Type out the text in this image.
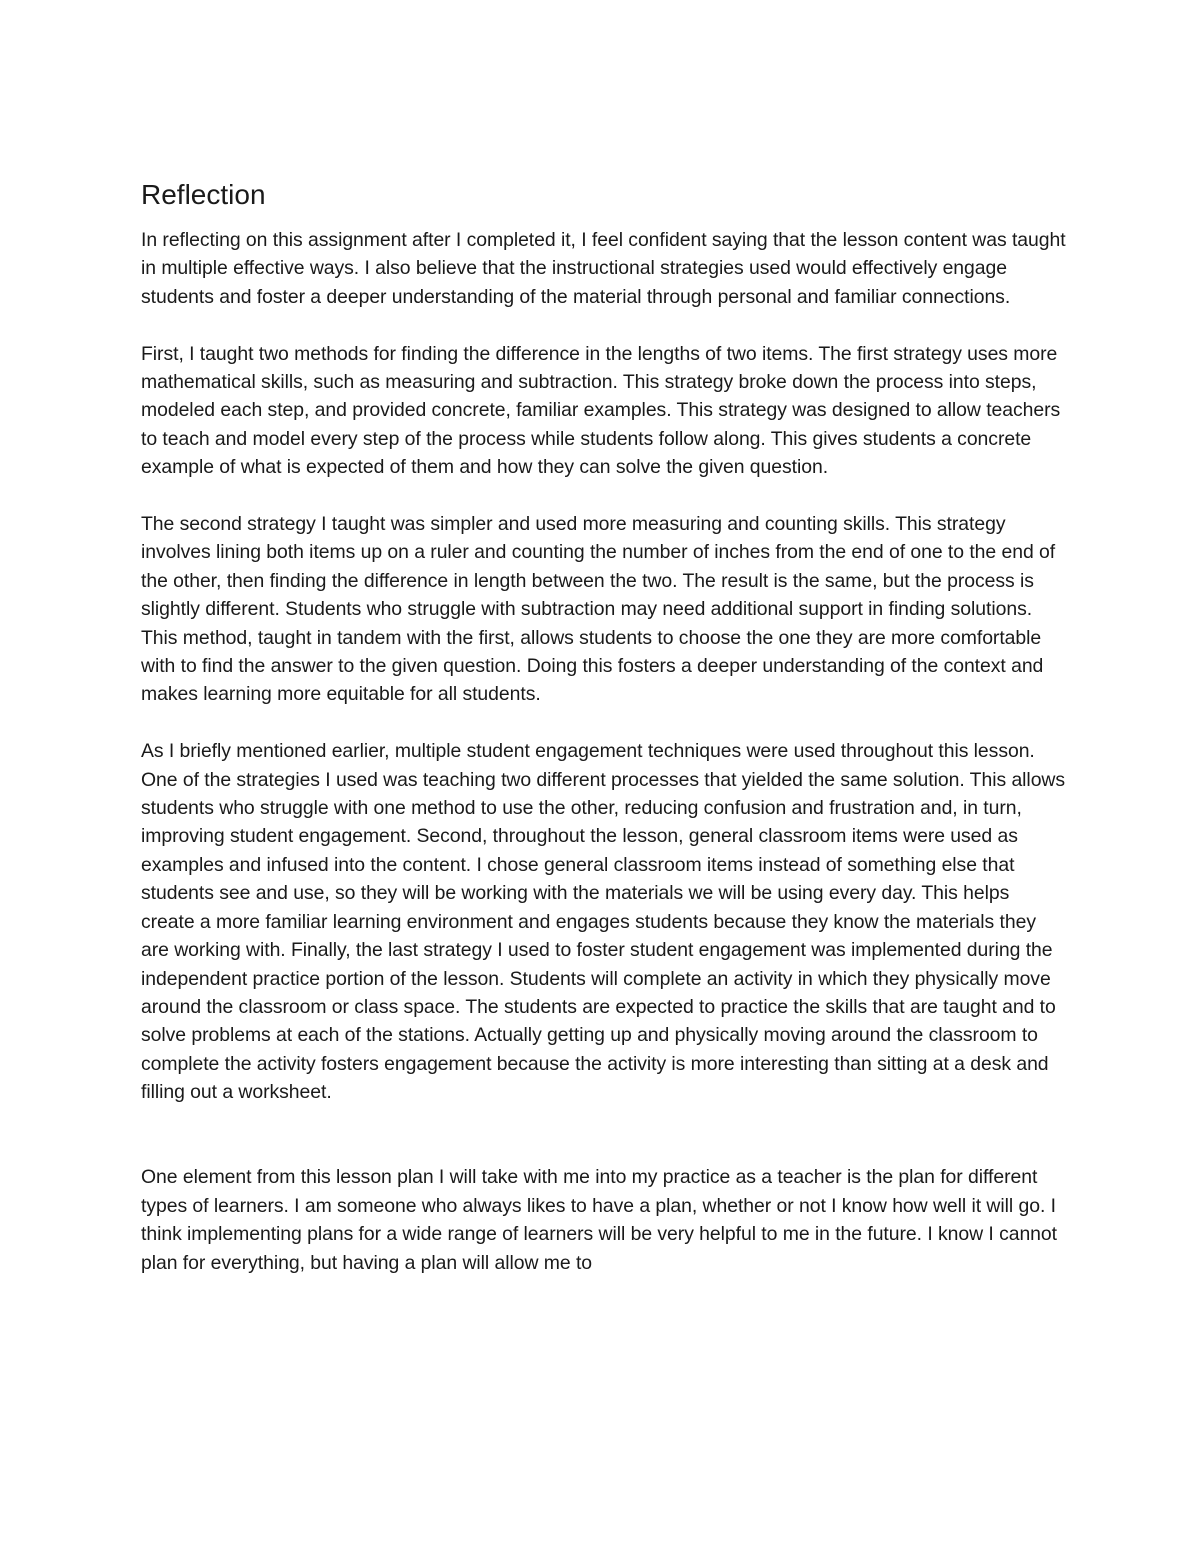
Reflection

In reflecting on this assignment after I completed it, I feel confident saying that the lesson content was taught in multiple effective ways. I also believe that the instructional strategies used would effectively engage students and foster a deeper understanding of the material through personal and familiar connections.

First, I taught two methods for finding the difference in the lengths of two items. The first strategy uses more mathematical skills, such as measuring and subtraction. This strategy broke down the process into steps, modeled each step, and provided concrete, familiar examples. This strategy was designed to allow teachers to teach and model every step of the process while students follow along. This gives students a concrete example of what is expected of them and how they can solve the given question.

The second strategy I taught was simpler and used more measuring and counting skills. This strategy involves lining both items up on a ruler and counting the number of inches from the end of one to the end of the other, then finding the difference in length between the two. The result is the same, but the process is slightly different. Students who struggle with subtraction may need additional support in finding solutions. This method, taught in tandem with the first, allows students to choose the one they are more comfortable with to find the answer to the given question. Doing this fosters a deeper understanding of the context and makes learning more equitable for all students.

As I briefly mentioned earlier, multiple student engagement techniques were used throughout this lesson. One of the strategies I used was teaching two different processes that yielded the same solution. This allows students who struggle with one method to use the other, reducing confusion and frustration and, in turn, improving student engagement. Second, throughout the lesson, general classroom items were used as examples and infused into the content. I chose general classroom items instead of something else that students see and use, so they will be working with the materials we will be using every day. This helps create a more familiar learning environment and engages students because they know the materials they are working with. Finally, the last strategy I used to foster student engagement was implemented during the independent practice portion of the lesson. Students will complete an activity in which they physically move around the classroom or class space. The students are expected to practice the skills that are taught and to solve problems at each of the stations. Actually getting up and physically moving around the classroom to complete the activity fosters engagement because the activity is more interesting than sitting at a desk and filling out a worksheet.

One element from this lesson plan I will take with me into my practice as a teacher is the plan for different types of learners. I am someone who always likes to have a plan, whether or not I know how well it will go. I think implementing plans for a wide range of learners will be very helpful to me in the future. I know I cannot plan for everything, but having a plan will allow me to
